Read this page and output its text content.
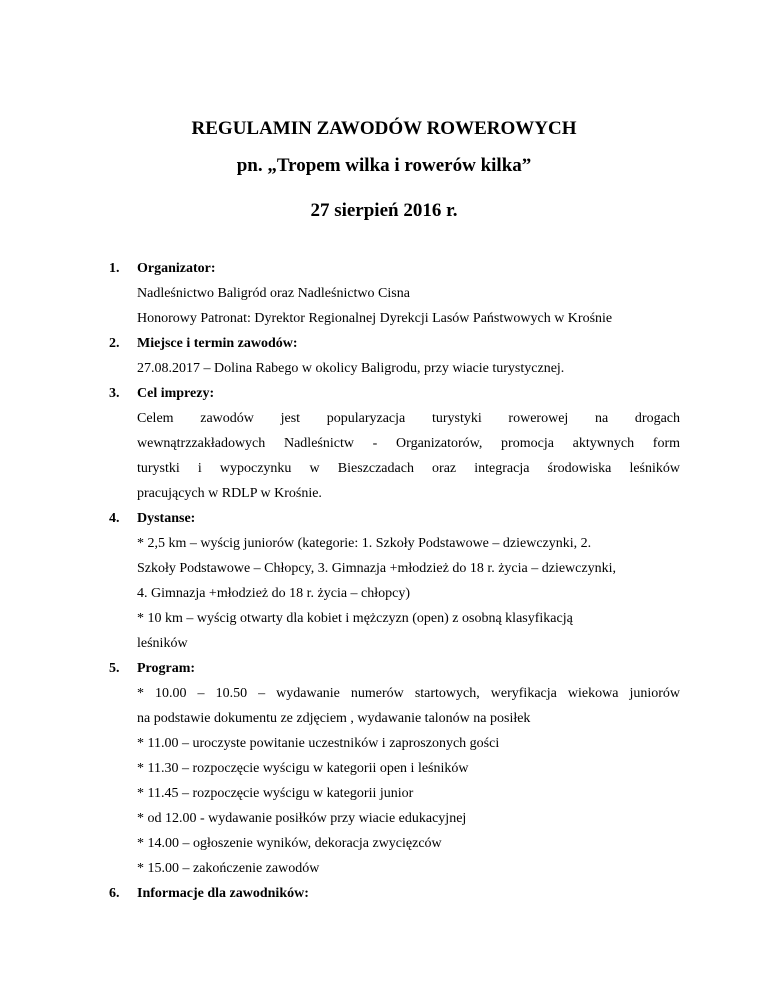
REGULAMIN ZAWODÓW ROWEROWYCH
pn. „Tropem wilka i rowerów kilka”
27 sierpień 2016 r.
1. Organizator:
Nadleśnictwo Baligród oraz Nadleśnictwo Cisna
Honorowy Patronat: Dyrektor Regionalnej Dyrekcji Lasów Państwowych w Krośnie
2. Miejsce i termin zawodów:
27.08.2017 – Dolina Rabego w okolicy Baligrodu, przy wiacie turystycznej.
3. Cel imprezy:
Celem zawodów jest popularyzacja turystyki rowerowej na drogach
wewnątrzzakładowych Nadleśnictw - Organizatorów, promocja aktywnych form
turystki i wypoczynku w Bieszczadach oraz integracja środowiska leśników
pracujących w RDLP w Krośnie.
4. Dystanse:
* 2,5 km – wyścig juniorów (kategorie: 1. Szkoły Podstawowe – dziewczynki, 2.
Szkoły Podstawowe – Chłopcy, 3. Gimnazja +młodzież do 18 r. życia – dziewczynki,
4. Gimnazja +młodzież do 18 r. życia – chłopcy)
* 10 km – wyścig otwarty dla kobiet i mężczyzn (open) z osobną klasyfikacją
leśników
5. Program:
* 10.00 – 10.50 – wydawanie numerów startowych, weryfikacja wiekowa juniorów
na podstawie dokumentu ze zdjęciem , wydawanie talonów na posiłek
* 11.00 – uroczyste powitanie uczestników i zaproszonych gości
* 11.30 – rozpoczęcie wyścigu w kategorii open i leśników
* 11.45 – rozpoczęcie wyścigu w kategorii junior
* od 12.00 - wydawanie posiłków przy wiacie edukacyjnej
* 14.00 – ogłoszenie wyników, dekoracja zwycięzców
* 15.00 – zakończenie zawodów
6. Informacje dla zawodników:
